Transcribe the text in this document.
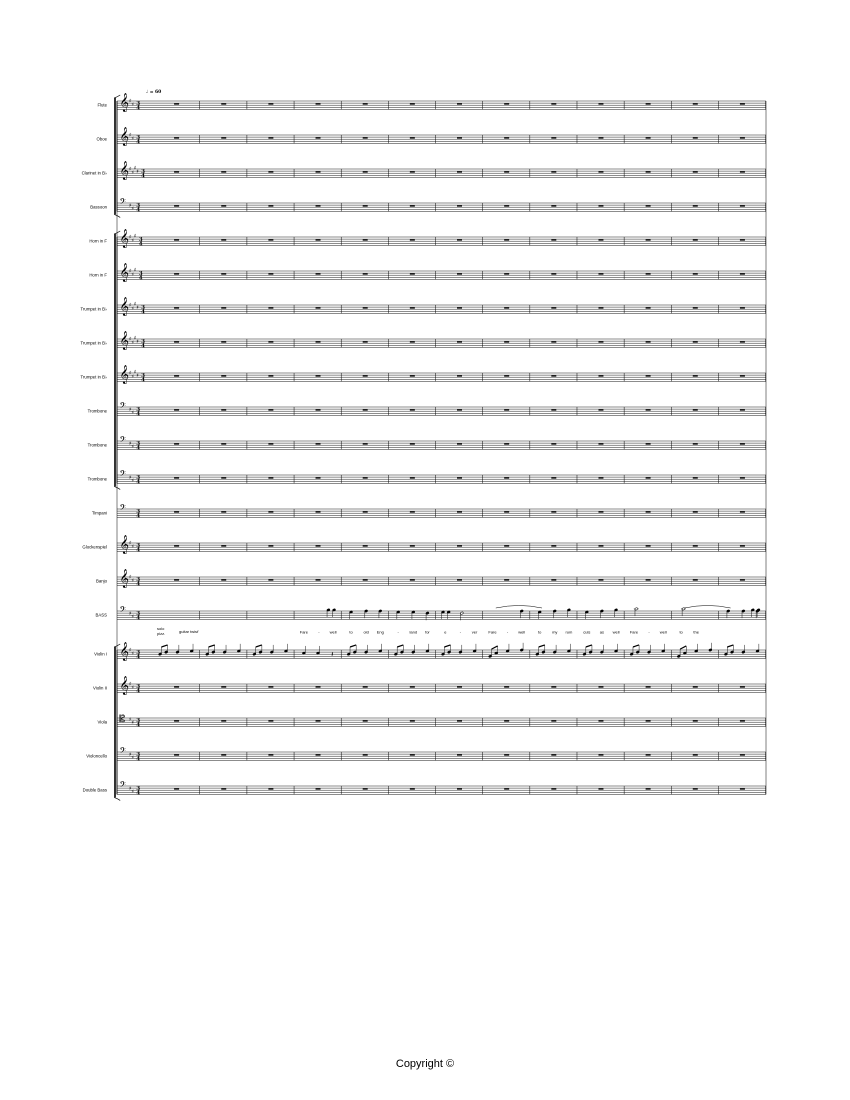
Flute
Oboe
Clarinet in B♭
Bassoon
Horn in F
Horn in F
Trumpet in B♭
Trumpet in B♭
Trumpet in B♭
Trombone
Trombone
Trombone
Timpani
Glockenspiel
Banjo
BASS
Violin I
Violin II
Viola
Violoncello
Double Bass
𝄞 ♯
♯ 3
4
𝄞 ♯
♯ 3
4
𝄞 ♯
♯
♯
♯ 3
4
𝄢 ♯
♯ 3
4
𝄞 ♯
♯
♯
3
4
𝄞 ♯
♯
♯
3
4
𝄞 ♯
♯
♯
♯ 3
4
𝄞 ♯
♯
♯
♯ 3
4
𝄞 ♯
♯
♯
♯ 3
4
𝄢 ♯
♯ 3
4
𝄢 ♯
♯ 3
4
𝄢 ♯
♯ 3
4
𝄢 3
4
𝄞 ♯
♯ 3
4
𝄞 ♯
♯ 3
4
𝄢 ♯
♯ 3
4
𝄞 ♯
♯ 3
4
𝄞 ♯
♯ 3
4
𝄡 ♯
♯ 3
4
𝄢 ♯
♯ 3
4
𝄢 ♯
♯ 3
4
𝄽
Fare	-	well	to	old Eng	-	land for	e	-	ver	Fare	-	well	to	my rum	culs as well	Fare	-	well	to	the
solo
pizz.	guitar twist'
♩ = 60
Copyright ©
